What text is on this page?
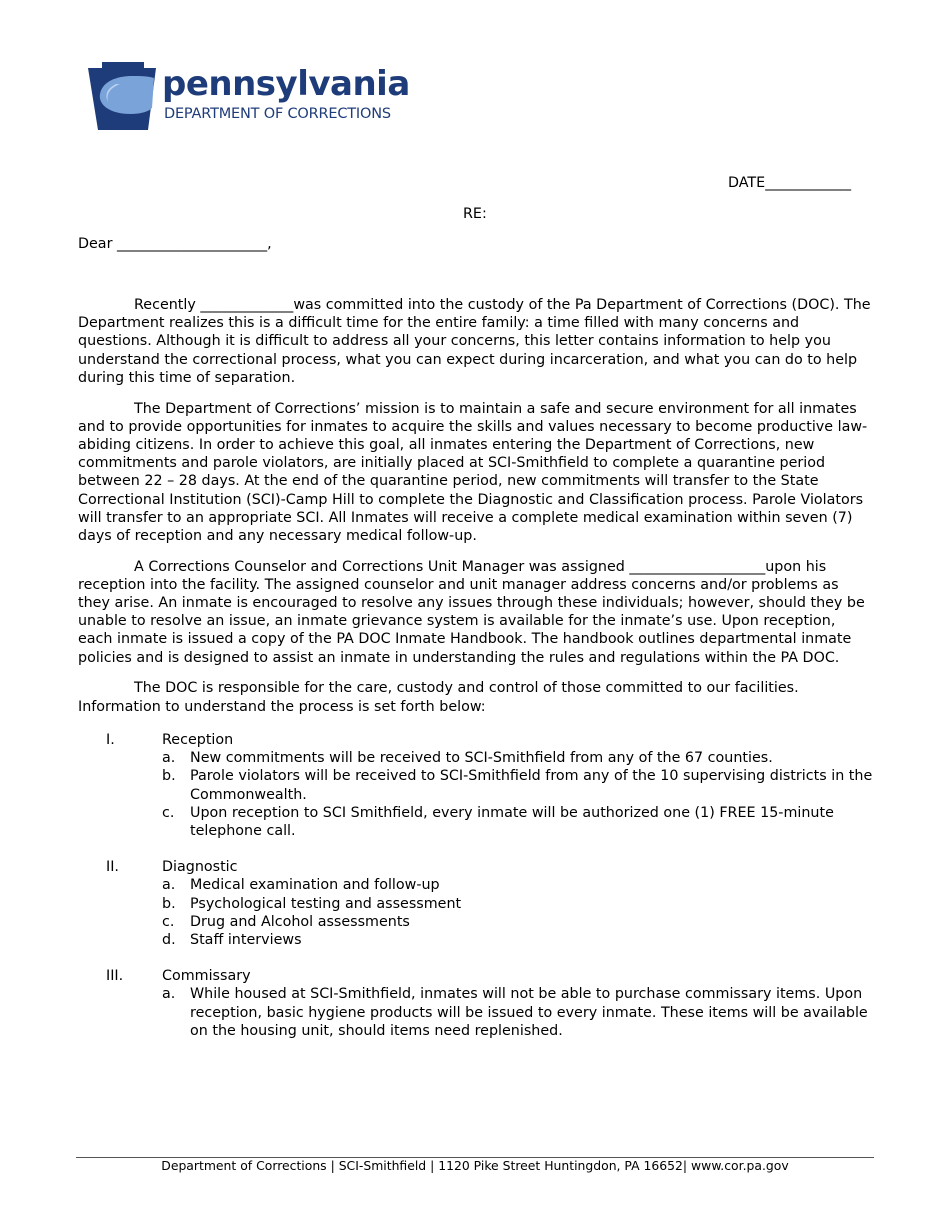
pennsylvania
DEPARTMENT OF CORRECTIONS
DATE____________
RE:
Dear _____________________,

Recently _____________was committed into the custody of the Pa Department of Corrections (DOC). The Department realizes this is a difficult time for the entire family: a time filled with many concerns and questions. Although it is difficult to address all your concerns, this letter contains information to help you understand the correctional process, what you can expect during incarceration, and what you can do to help during this time of separation.

The Department of Corrections’ mission is to maintain a safe and secure environment for all inmates and to provide opportunities for inmates to acquire the skills and values necessary to become productive law-abiding citizens. In order to achieve this goal, all inmates entering the Department of Corrections, new commitments and parole violators, are initially placed at SCI-Smithfield to complete a quarantine period between 22 – 28 days. At the end of the quarantine period, new commitments will transfer to the State Correctional Institution (SCI)-Camp Hill to complete the Diagnostic and Classification process. Parole Violators will transfer to an appropriate SCI. All Inmates will receive a complete medical examination within seven (7) days of reception and any necessary medical follow-up.

A Corrections Counselor and Corrections Unit Manager was assigned ___________________upon his reception into the facility. The assigned counselor and unit manager address concerns and/or problems as they arise. An inmate is encouraged to resolve any issues through these individuals; however, should they be unable to resolve an issue, an inmate grievance system is available for the inmate’s use. Upon reception, each inmate is issued a copy of the PA DOC Inmate Handbook. The handbook outlines departmental inmate policies and is designed to assist an inmate in understanding the rules and regulations within the PA DOC.

The DOC is responsible for the care, custody and control of those committed to our facilities. Information to understand the process is set forth below:

I.	Reception
a. New commitments will be received to SCI-Smithfield from any of the 67 counties.
b. Parole violators will be received to SCI-Smithfield from any of the 10 supervising districts in the Commonwealth.
c. Upon reception to SCI Smithfield, every inmate will be authorized one (1) FREE 15-minute telephone call.
II.	Diagnostic
a. Medical examination and follow-up
b. Psychological testing and assessment
c. Drug and Alcohol assessments
d. Staff interviews
III.	Commissary
a. While housed at SCI-Smithfield, inmates will not be able to purchase commissary items. Upon reception, basic hygiene products will be issued to every inmate. These items will be available on the housing unit, should items need replenished.
Department of Corrections | SCI-Smithfield | 1120 Pike Street Huntingdon, PA 16652| www.cor.pa.gov
